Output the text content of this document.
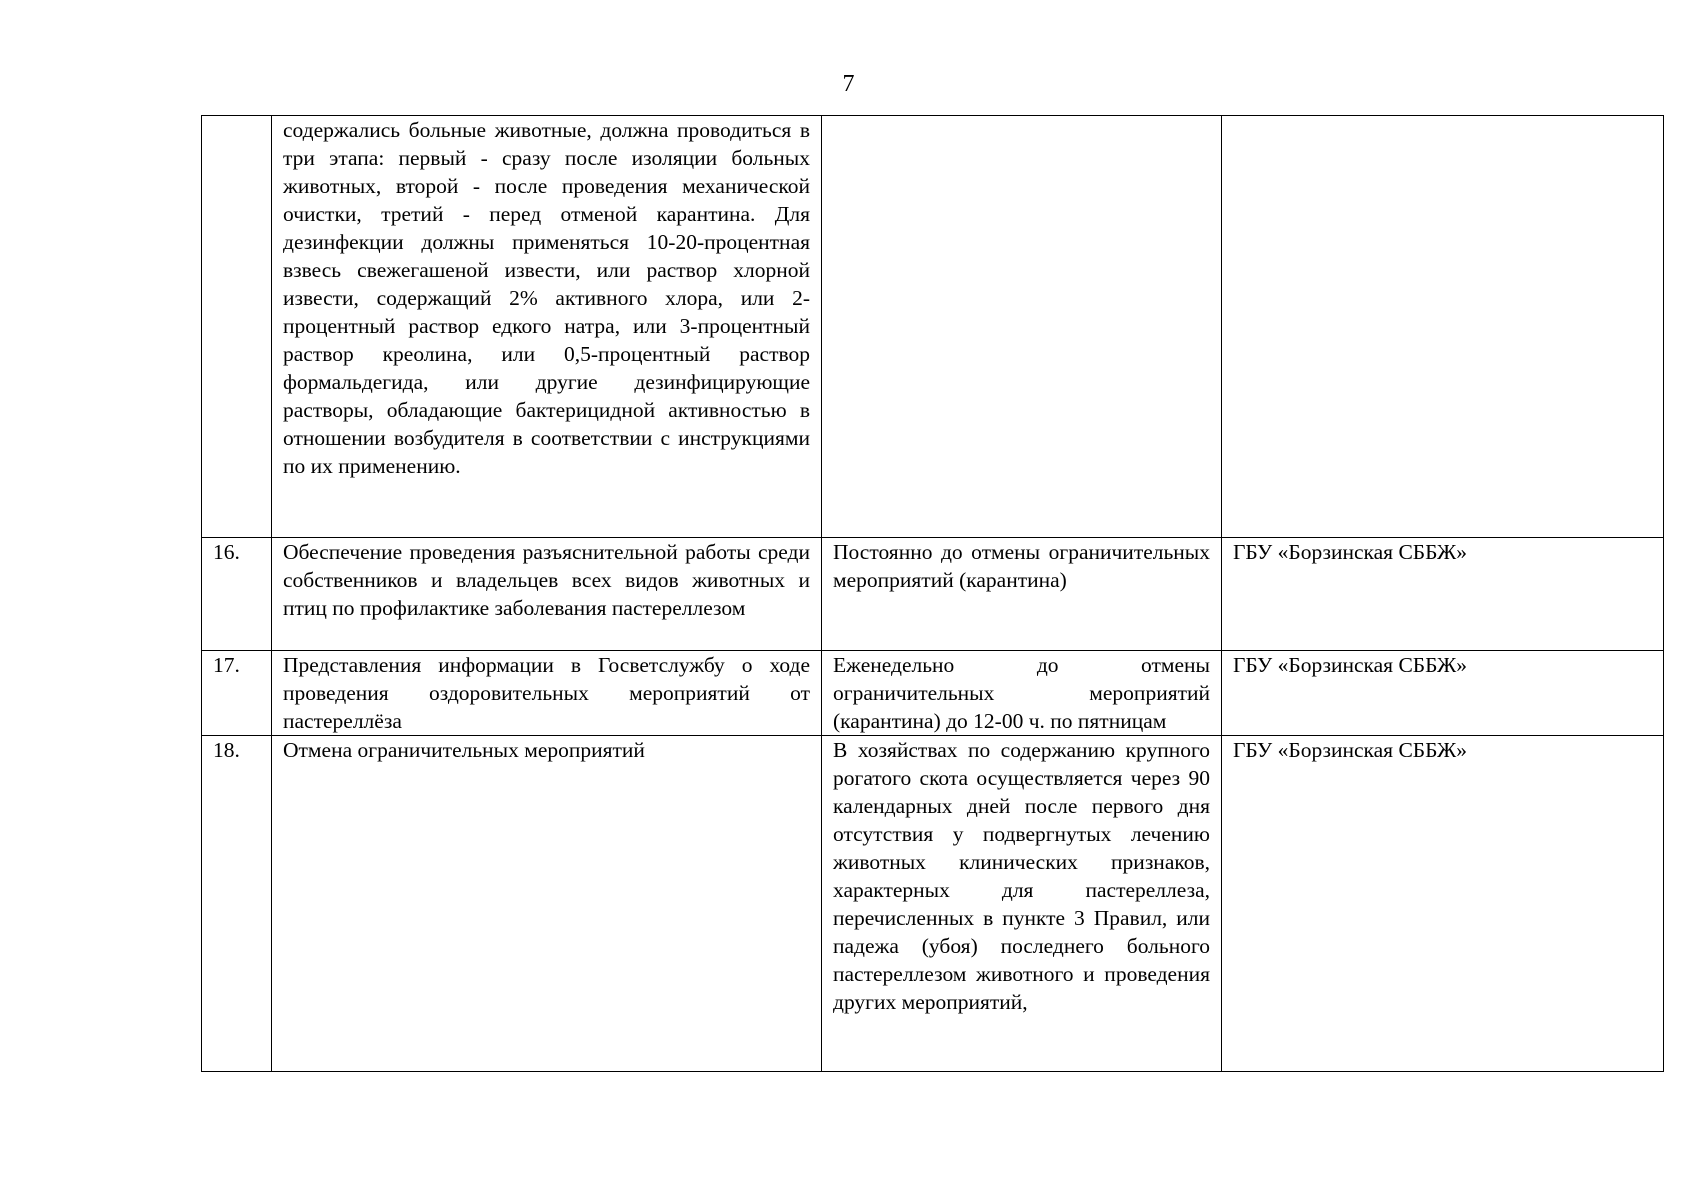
7
	содержались больные животные, должна проводиться в три этапа: первый - сразу после изоляции больных животных, второй - после проведения механической очистки, третий - перед отменой карантина. Для дезинфекции должны применяться 10-20-процентная взвесь свежегашеной извести, или раствор хлорной извести, содержащий 2% активного хлора, или 2-процентный раствор едкого натра, или 3-процентный раствор креолина, или 0,5-процентный раствор формальдегида, или другие дезинфицирующие растворы, обладающие бактерицидной активностью в отношении возбудителя в соответствии с инструкциями по их применению.		
16.	Обеспечение проведения разъяснительной работы среди собственников и владельцев всех видов животных и птиц по профилактике заболевания пастереллезом	Постоянно до отмены ограничительных мероприятий (карантина)	ГБУ «Борзинская СББЖ»
17.	Представления информации в Госветслужбу о ходе проведения оздоровительных мероприятий от пастереллёза	Еженедельно до отмены ограничительных мероприятий (карантина) до 12-00 ч. по пятницам	ГБУ «Борзинская СББЖ»
18.	Отмена ограничительных мероприятий	В хозяйствах по содержанию крупного рогатого скота осуществляется через 90 календарных дней после первого дня отсутствия у подвергнутых лечению животных клинических признаков, характерных для пастереллеза, перечисленных в пункте 3 Правил, или падежа (убоя) последнего больного пастереллезом животного и проведения других мероприятий,	ГБУ «Борзинская СББЖ»
